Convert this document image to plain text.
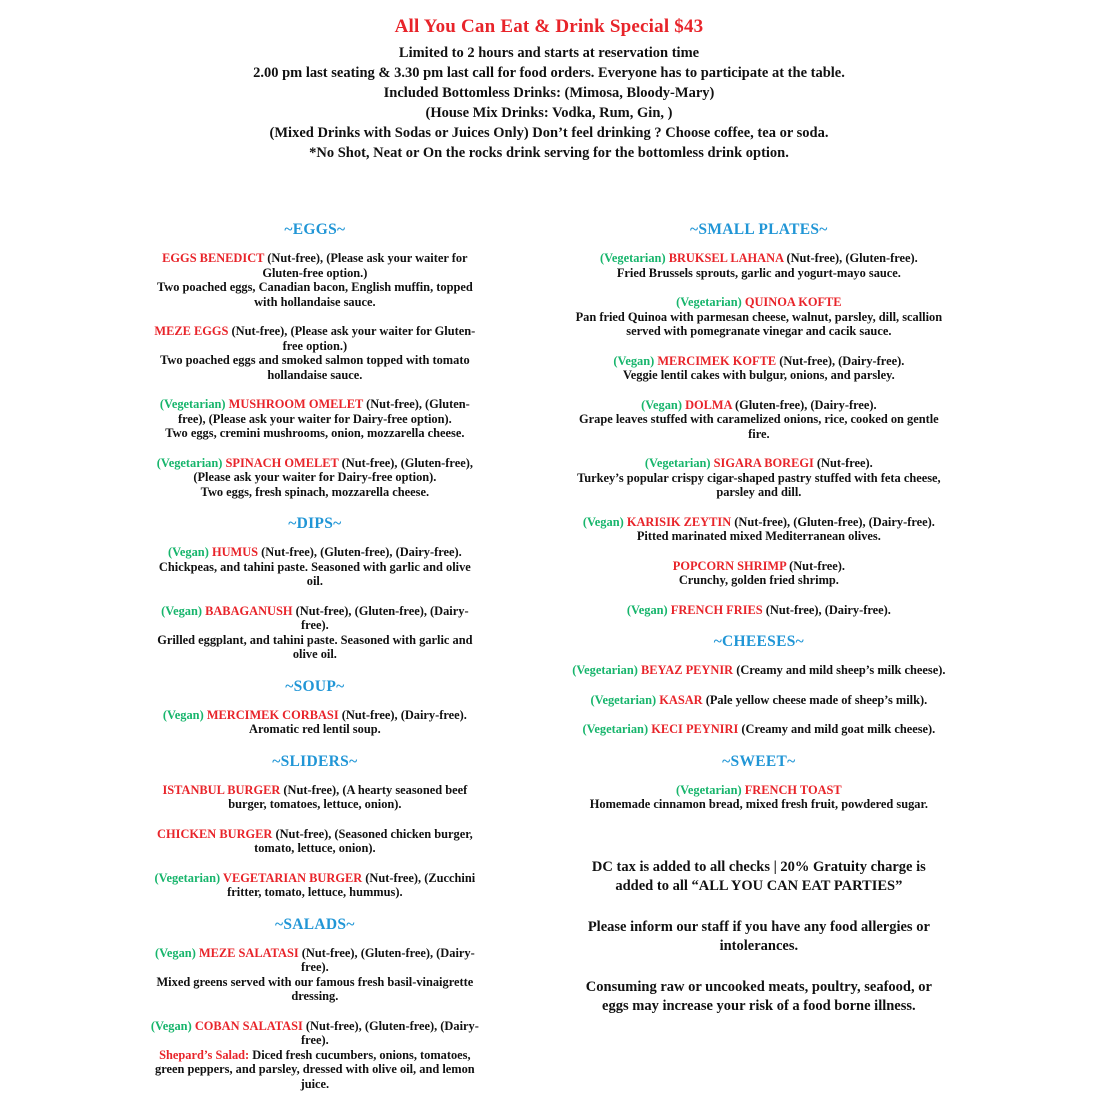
All You Can Eat & Drink Special $43
Limited to 2 hours and starts at reservation time
2.00 pm last seating & 3.30 pm last call for food orders. Everyone has to participate at the table.
Included Bottomless Drinks: (Mimosa, Bloody-Mary)
(House Mix Drinks: Vodka, Rum, Gin, )
(Mixed Drinks with Sodas or Juices Only) Don’t feel drinking ? Choose coffee, tea or soda.
*No Shot, Neat or On the rocks drink serving for the bottomless drink option.
~EGGS~
EGGS BENEDICT (Nut-free), (Please ask your waiter for Gluten-free option.)
Two poached eggs, Canadian bacon, English muffin, topped with hollandaise sauce.
MEZE EGGS (Nut-free), (Please ask your waiter for Gluten-free option.)
Two poached eggs and smoked salmon topped with tomato hollandaise sauce.
(Vegetarian) MUSHROOM OMELET (Nut-free), (Gluten-free), (Please ask your waiter for Dairy-free option).
Two eggs, cremini mushrooms, onion, mozzarella cheese.
(Vegetarian) SPINACH OMELET (Nut-free), (Gluten-free), (Please ask your waiter for Dairy-free option).
Two eggs, fresh spinach, mozzarella cheese.
~DIPS~
(Vegan) HUMUS (Nut-free), (Gluten-free), (Dairy-free).
Chickpeas, and tahini paste. Seasoned with garlic and olive oil.
(Vegan) BABAGANUSH (Nut-free), (Gluten-free), (Dairy-free).
Grilled eggplant, and tahini paste. Seasoned with garlic and olive oil.
~SOUP~
(Vegan) MERCIMEK CORBASI (Nut-free), (Dairy-free). Aromatic red lentil soup.
~SLIDERS~
ISTANBUL BURGER (Nut-free), (A hearty seasoned beef burger, tomatoes, lettuce, onion).
CHICKEN BURGER (Nut-free), (Seasoned chicken burger, tomato, lettuce, onion).
(Vegetarian) VEGETARIAN BURGER (Nut-free), (Zucchini fritter, tomato, lettuce, hummus).
~SALADS~
(Vegan) MEZE SALATASI (Nut-free), (Gluten-free), (Dairy-free).
Mixed greens served with our famous fresh basil-vinaigrette dressing.
(Vegan) COBAN SALATASI (Nut-free), (Gluten-free), (Dairy-free).
Shepard’s Salad: Diced fresh cucumbers, onions, tomatoes, green peppers, and parsley, dressed with olive oil, and lemon juice.
~SMALL PLATES~
(Vegetarian) BRUKSEL LAHANA (Nut-free), (Gluten-free).
Fried Brussels sprouts, garlic and yogurt-mayo sauce.
(Vegetarian) QUINOA KOFTE
Pan fried Quinoa with parmesan cheese, walnut, parsley, dill, scallion served with pomegranate vinegar and cacik sauce.
(Vegan) MERCIMEK KOFTE (Nut-free), (Dairy-free).
Veggie lentil cakes with bulgur, onions, and parsley.
(Vegan) DOLMA (Gluten-free), (Dairy-free).
Grape leaves stuffed with caramelized onions, rice, cooked on gentle fire.
(Vegetarian) SIGARA BOREGI (Nut-free).
Turkey’s popular crispy cigar-shaped pastry stuffed with feta cheese, parsley and dill.
(Vegan) KARISIK ZEYTIN (Nut-free), (Gluten-free), (Dairy-free).
Pitted marinated mixed Mediterranean olives.
POPCORN SHRIMP (Nut-free).
Crunchy, golden fried shrimp.
(Vegan) FRENCH FRIES (Nut-free), (Dairy-free).
~CHEESES~
(Vegetarian) BEYAZ PEYNIR (Creamy and mild sheep’s milk cheese).
(Vegetarian) KASAR (Pale yellow cheese made of sheep’s milk).
(Vegetarian) KECI PEYNIRI (Creamy and mild goat milk cheese).
~SWEET~
(Vegetarian) FRENCH TOAST
Homemade cinnamon bread, mixed fresh fruit, powdered sugar.
DC tax is added to all checks | 20% Gratuity charge is added to all “ALL YOU CAN EAT PARTIES”
Please inform our staff if you have any food allergies or intolerances.
Consuming raw or uncooked meats, poultry, seafood, or eggs may increase your risk of a food borne illness.
